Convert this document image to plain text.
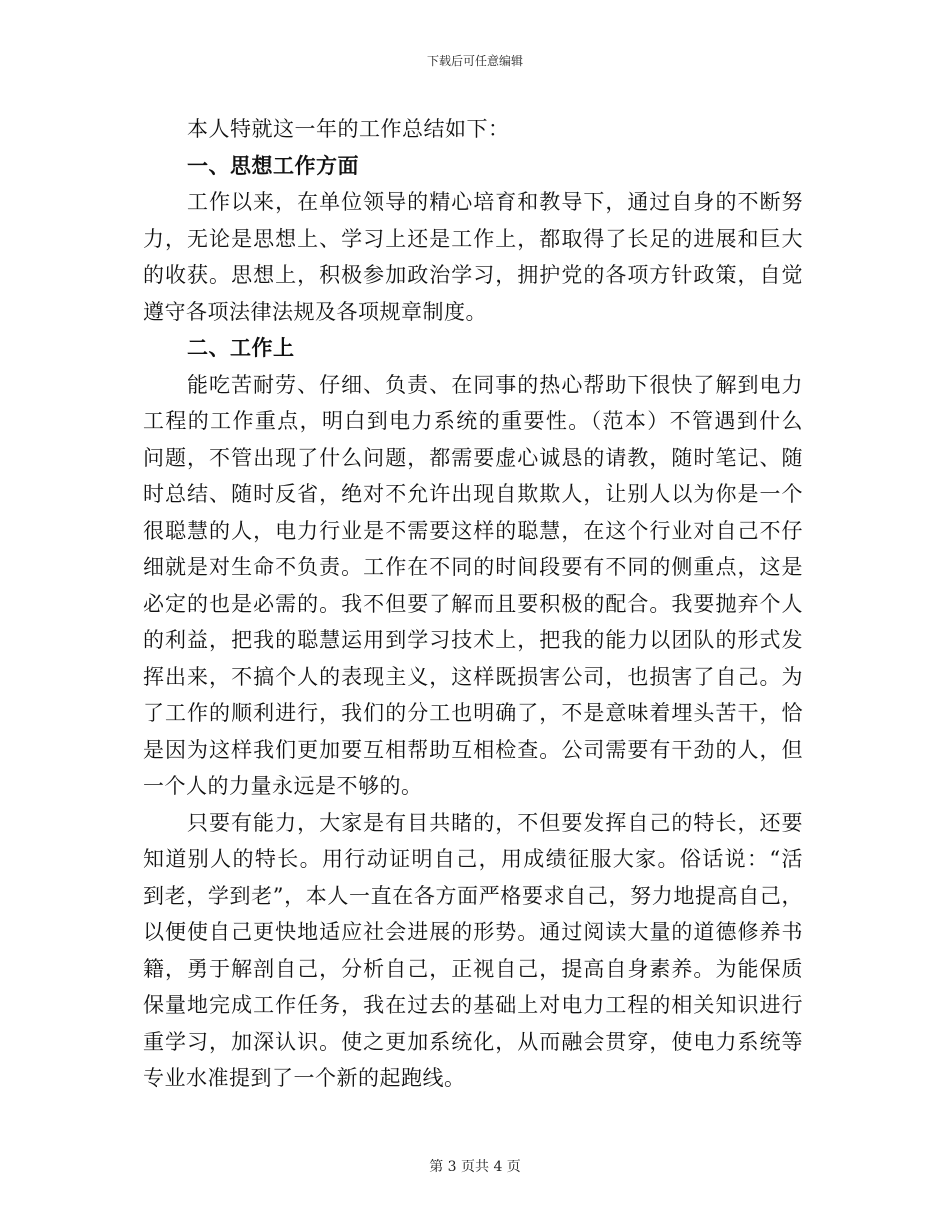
下载后可任意编辑
本人特就这一年的工作总结如下：
一、思想工作方面
工作以来，在单位领导的精心培育和教导下，通过自身的不断努
力，无论是思想上、学习上还是工作上，都取得了长足的进展和巨大
的收获。思想上，积极参加政治学习，拥护党的各项方针政策，自觉
遵守各项法律法规及各项规章制度。
二、工作上
能吃苦耐劳、仔细、负责、在同事的热心帮助下很快了解到电力
工程的工作重点，明白到电力系统的重要性。（范本）不管遇到什么
问题，不管出现了什么问题，都需要虚心诚恳的请教，随时笔记、随
时总结、随时反省，绝对不允许出现自欺欺人，让别人以为你是一个
很聪慧的人，电力行业是不需要这样的聪慧，在这个行业对自己不仔
细就是对生命不负责。工作在不同的时间段要有不同的侧重点，这是
必定的也是必需的。我不但要了解而且要积极的配合。我要抛弃个人
的利益，把我的聪慧运用到学习技术上，把我的能力以团队的形式发
挥出来，不搞个人的表现主义，这样既损害公司，也损害了自己。为
了工作的顺利进行，我们的分工也明确了，不是意味着埋头苦干，恰
是因为这样我们更加要互相帮助互相检查。公司需要有干劲的人，但
一个人的力量永远是不够的。
只要有能力，大家是有目共睹的，不但要发挥自己的特长，还要
知道别人的特长。用行动证明自己，用成绩征服大家。俗话说：“活
到老，学到老”，本人一直在各方面严格要求自己，努力地提高自己，
以便使自己更快地适应社会进展的形势。通过阅读大量的道德修养书
籍，勇于解剖自己，分析自己，正视自己，提高自身素养。为能保质
保量地完成工作任务，我在过去的基础上对电力工程的相关知识进行
重学习，加深认识。使之更加系统化，从而融会贯穿，使电力系统等
专业水准提到了一个新的起跑线。
第 3 页共 4 页
